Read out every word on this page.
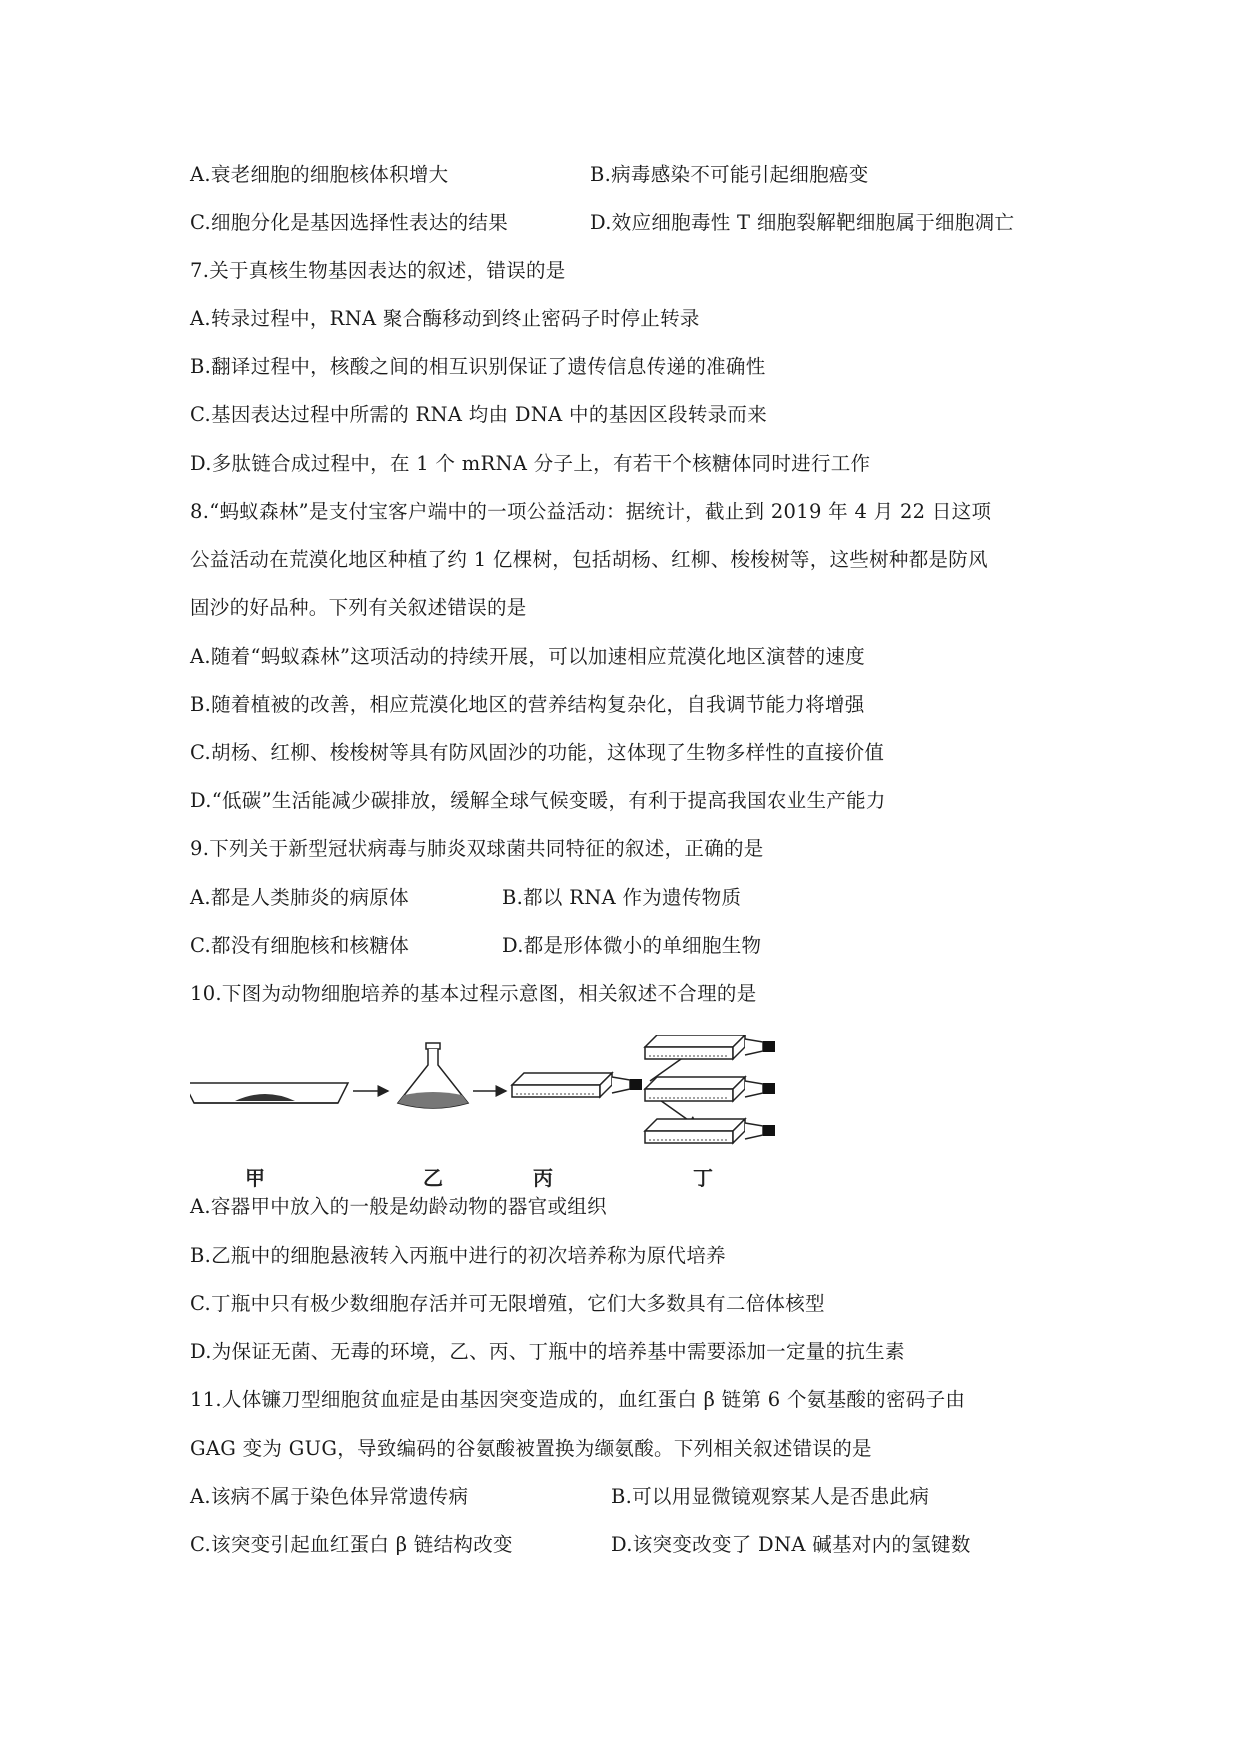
A.衰老细胞的细胞核体积增大	B.病毒感染不可能引起细胞癌变
C.细胞分化是基因选择性表达的结果	D.效应细胞毒性 T 细胞裂解靶细胞属于细胞凋亡
7.关于真核生物基因表达的叙述，错误的是
A.转录过程中，RNA 聚合酶移动到终止密码子时停止转录
B.翻译过程中，核酸之间的相互识别保证了遗传信息传递的准确性
C.基因表达过程中所需的 RNA 均由 DNA 中的基因区段转录而来
D.多肽链合成过程中，在 1 个 mRNA 分子上，有若干个核糖体同时进行工作
8.“蚂蚁森林”是支付宝客户端中的一项公益活动：据统计，截止到 2019 年 4 月 22 日这项
公益活动在荒漠化地区种植了约 1 亿棵树，包括胡杨、红柳、梭梭树等，这些树种都是防风
固沙的好品种。下列有关叙述错误的是
A.随着“蚂蚁森林”这项活动的持续开展，可以加速相应荒漠化地区演替的速度
B.随着植被的改善，相应荒漠化地区的营养结构复杂化，自我调节能力将增强
C.胡杨、红柳、梭梭树等具有防风固沙的功能，这体现了生物多样性的直接价值
D.“低碳”生活能减少碳排放，缓解全球气候变暖，有利于提高我国农业生产能力
9.下列关于新型冠状病毒与肺炎双球菌共同特征的叙述，正确的是
A.都是人类肺炎的病原体	B.都以 RNA 作为遗传物质
C.都没有细胞核和核糖体	D.都是形体微小的单细胞生物
10.下图为动物细胞培养的基本过程示意图，相关叙述不合理的是
甲	乙	丙	丁
A.容器甲中放入的一般是幼龄动物的器官或组织
B.乙瓶中的细胞悬液转入丙瓶中进行的初次培养称为原代培养
C.丁瓶中只有极少数细胞存活并可无限增殖，它们大多数具有二倍体核型
D.为保证无菌、无毒的环境，乙、丙、丁瓶中的培养基中需要添加一定量的抗生素
11.人体镰刀型细胞贫血症是由基因突变造成的，血红蛋白 β 链第 6 个氨基酸的密码子由
GAG 变为 GUG，导致编码的谷氨酸被置换为缬氨酸。下列相关叙述错误的是
A.该病不属于染色体异常遗传病	B.可以用显微镜观察某人是否患此病
C.该突变引起血红蛋白 β 链结构改变	D.该突变改变了 DNA 碱基对内的氢键数
